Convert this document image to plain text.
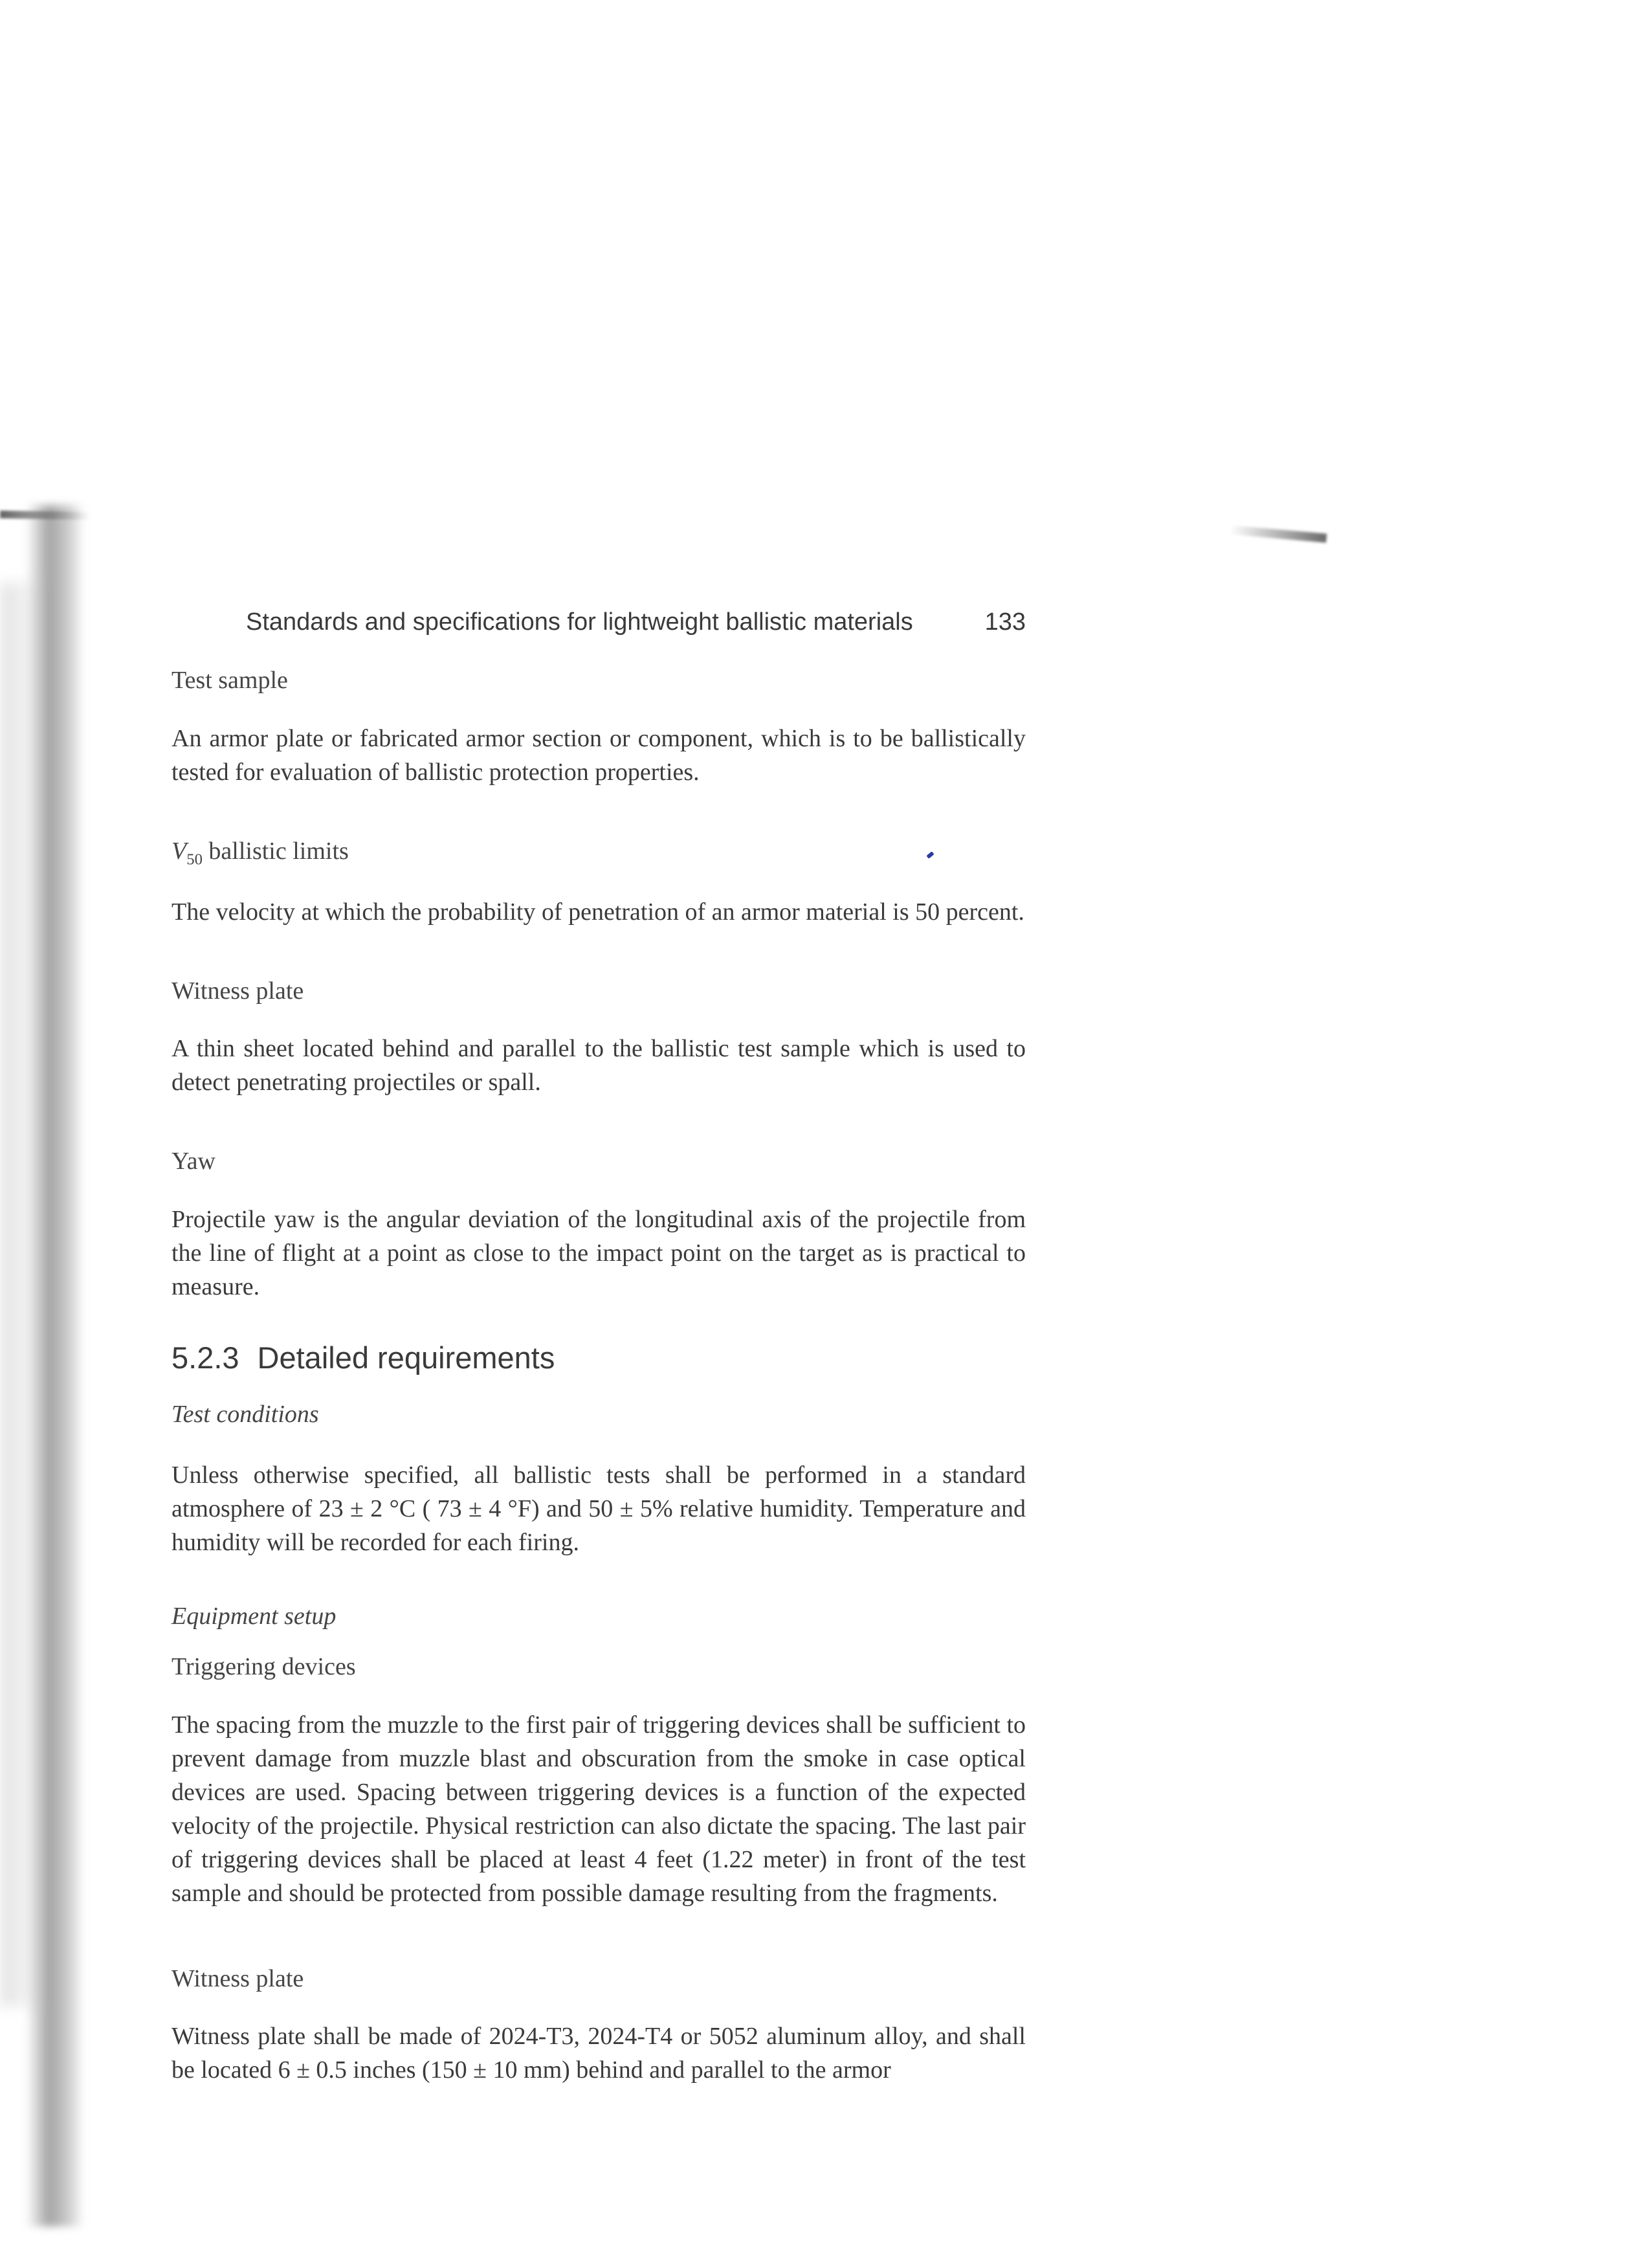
Standards and specifications for lightweight ballistic materials	133

Test sample

An armor plate or fabricated armor section or component, which is to be ballistically tested for evaluation of ballistic protection properties.

$V_{50}$ ballistic limits

The velocity at which the probability of penetration of an armor material is 50 percent.

Witness plate

A thin sheet located behind and parallel to the ballistic test sample which is used to detect penetrating projectiles or spall.

Yaw

Projectile yaw is the angular deviation of the longitudinal axis of the projectile from the line of flight at a point as close to the impact point on the target as is practical to measure.

5.2.3 Detailed requirements

Test conditions

Unless otherwise specified, all ballistic tests shall be performed in a standard atmosphere of 23 ± 2 °C ( 73 ± 4 °F) and 50 ± 5% relative humidity. Temperature and humidity will be recorded for each firing.

Equipment setup

Triggering devices

The spacing from the muzzle to the first pair of triggering devices shall be sufficient to prevent damage from muzzle blast and obscuration from the smoke in case optical devices are used. Spacing between triggering devices is a function of the expected velocity of the projectile. Physical restriction can also dictate the spacing. The last pair of triggering devices shall be placed at least 4 feet (1.22 meter) in front of the test sample and should be protected from possible damage resulting from the fragments.

Witness plate

Witness plate shall be made of 2024-T3, 2024-T4 or 5052 aluminum alloy, and shall be located 6 ± 0.5 inches (150 ± 10 mm) behind and parallel to the armor
